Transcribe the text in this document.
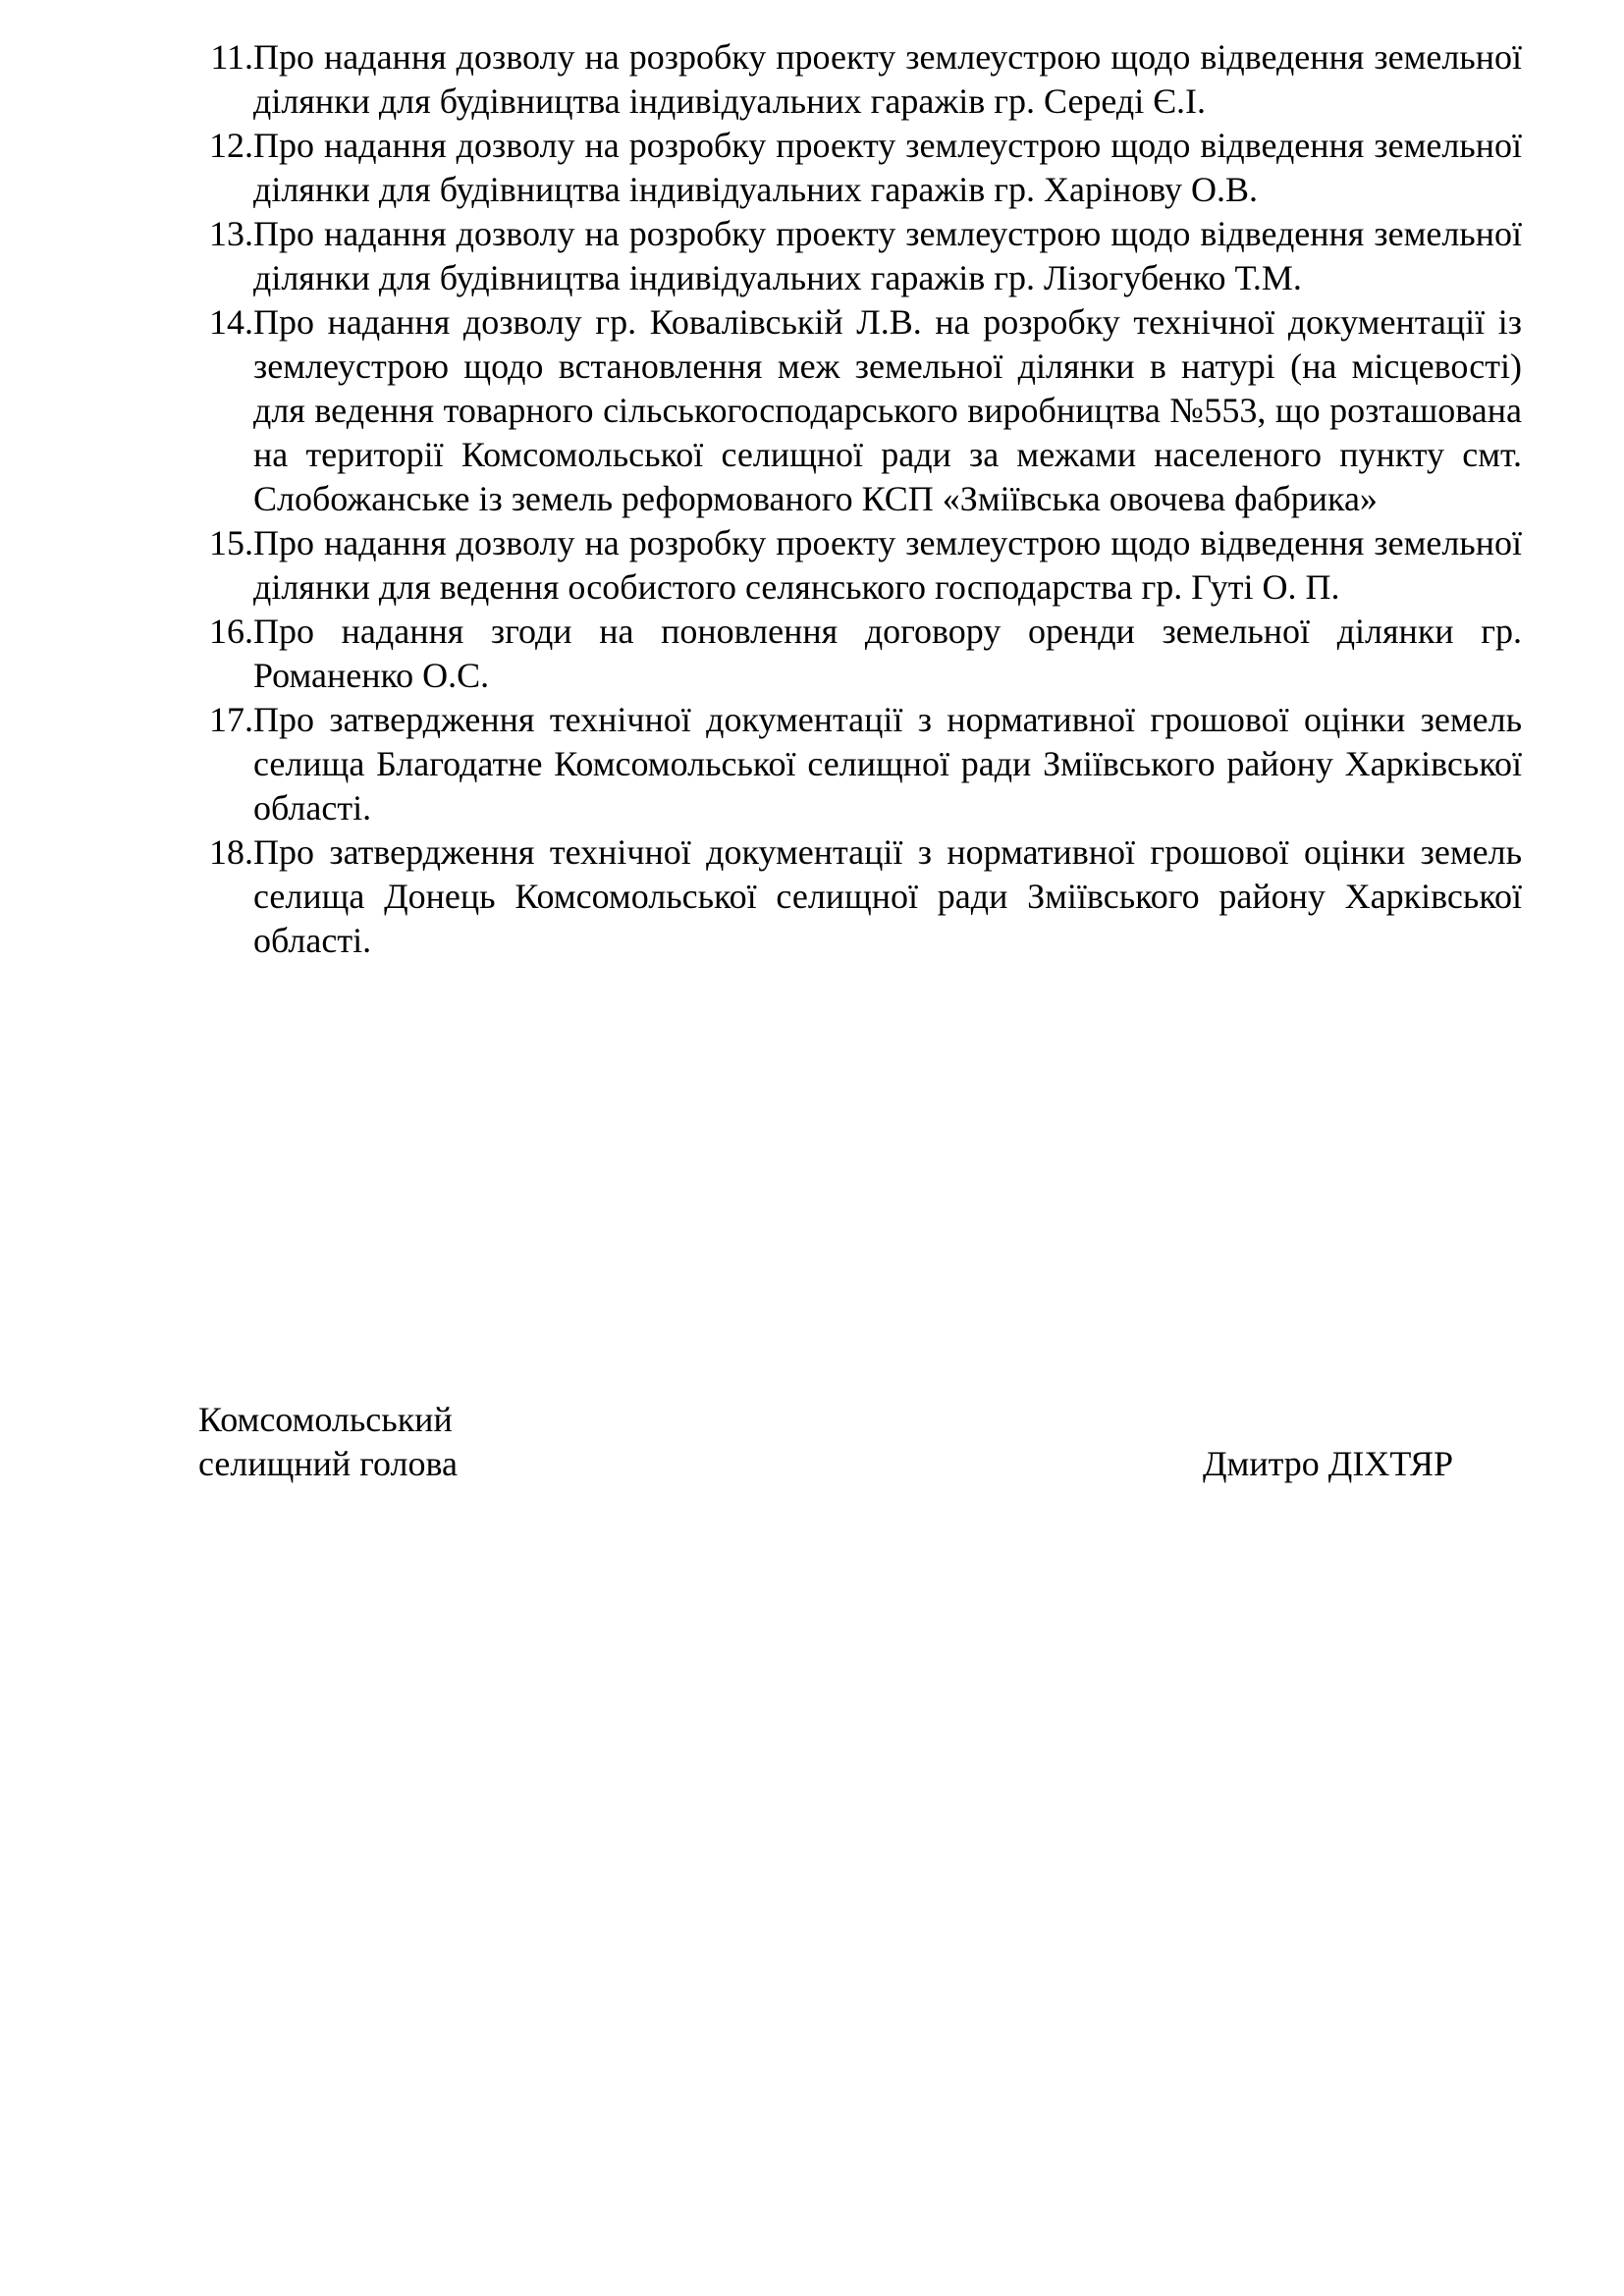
11. Про надання дозволу на розробку проекту землеустрою щодо відведення земельної ділянки для будівництва індивідуальних гаражів гр. Середі Є.І.
12. Про надання дозволу на розробку проекту землеустрою щодо відведення земельної ділянки для будівництва індивідуальних гаражів гр. Харінову О.В.
13. Про надання дозволу на розробку проекту землеустрою щодо відведення земельної ділянки для будівництва індивідуальних гаражів гр. Лізогубенко Т.М.
14. Про надання дозволу гр. Ковалівській Л.В. на розробку технічної документації із землеустрою щодо встановлення меж земельної ділянки в натурі (на місцевості) для ведення товарного сільськогосподарського виробництва №553, що розташована на території Комсомольської селищної ради за межами населеного пункту смт. Слобожанське із земель реформованого КСП «Зміївська овочева фабрика»
15. Про надання дозволу на розробку проекту землеустрою щодо відведення земельної ділянки для ведення особистого селянського господарства гр. Гуті О. П.
16. Про надання згоди на поновлення договору оренди земельної ділянки гр. Романенко О.С.
17. Про затвердження технічної документації з нормативної грошової оцінки земель селища Благодатне Комсомольської селищної ради Зміївського району Харківської області.
18. Про затвердження технічної документації з нормативної грошової оцінки земель селища Донець Комсомольської селищної ради Зміївського району Харківської області.
Комсомольський
селищний голова	Дмитро ДІХТЯР
